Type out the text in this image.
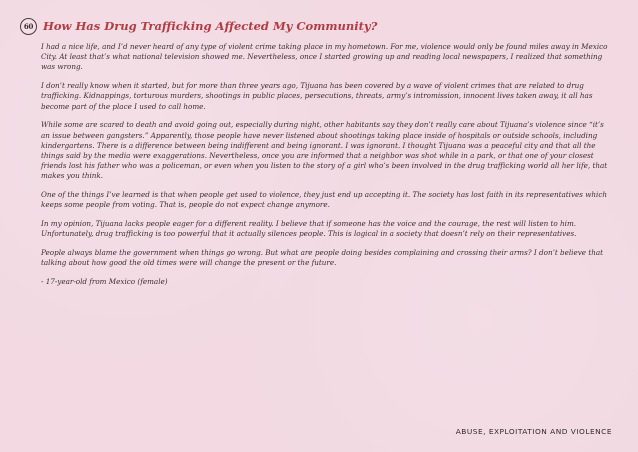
60 How Has Drug Trafficking Affected My Community?

I had a nice life, and I’d never heard of any type of violent crime taking place in my hometown. For me, violence would only be found miles away in Mexico City. At least that’s what national television showed me. Nevertheless, once I started growing up and reading local newspapers, I realized that something was wrong.

I don’t really know when it started, but for more than three years ago, Tijuana has been covered by a wave of violent crimes that are related to drug trafficking. Kidnappings, torturous murders, shootings in public places, persecutions, threats, army’s intromission, innocent lives taken away, it all has become part of the place I used to call home.

While some are scared to death and avoid going out, especially during night, other habitants say they don’t really care about Tijuana’s violence since “it’s an issue between gangsters.” Apparently, those people have never listened about shootings taking place inside of hospitals or outside schools, including kindergartens. There is a difference between being indifferent and being ignorant. I was ignorant. I thought Tijuana was a peaceful city and that all the things said by the media were exaggerations. Nevertheless, once you are informed that a neighbor was shot while in a park, or that one of your closest friends lost his father who was a policeman, or even when you listen to the story of a girl who’s been involved in the drug trafficking world all her life, that makes you think.

One of the things I’ve learned is that when people get used to violence, they just end up accepting it. The society has lost faith in its representatives which keeps some people from voting. That is, people do not expect change anymore.

In my opinion, Tijuana lacks people eager for a different reality. I believe that if someone has the voice and the courage, the rest will listen to him. Unfortunately, drug trafficking is too powerful that it actually silences people. This is logical in a society that doesn’t rely on their representatives.

People always blame the government when things go wrong. But what are people doing besides complaining and crossing their arms? I don’t believe that talking about how good the old times were will change the present or the future.

- 17-year-old from Mexico (female)

ABUSE, EXPLOITATION AND VIOLENCE
